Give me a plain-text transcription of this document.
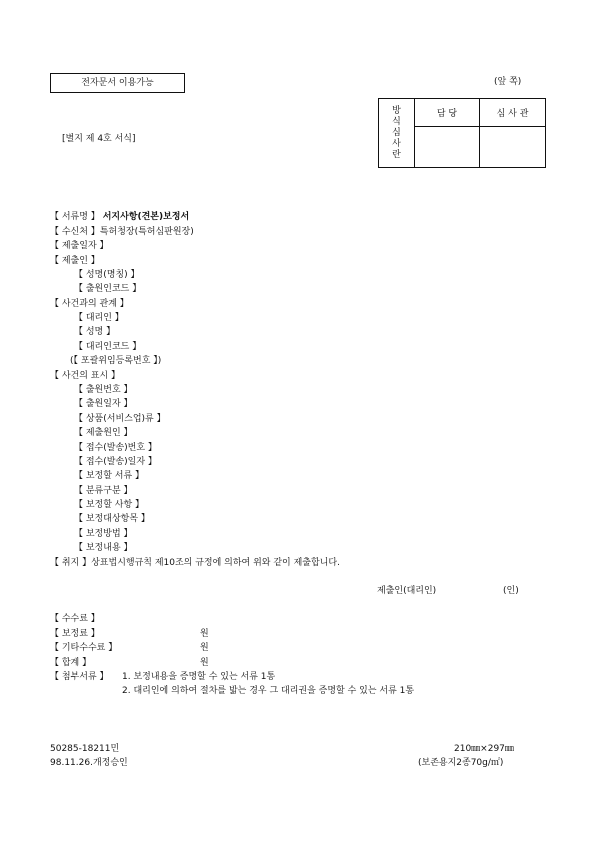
전자문서 이용가능	(앞 쪽)
[별지 제 4호 서식]
방
식
심
사
란	담 당	심 사 관

【 서류명 】 서지사항(견본)보정서
【 수신처 】특허청장(특허심판원장)
【 제출일자 】
【 제출인 】
【 성명(명칭) 】
【 출원인코드 】
【 사건과의 관계 】
【 대리인 】
【 성명 】
【 대리인코드 】
(【 포괄위임등록번호 】)
【 사건의 표시 】
【 출원번호 】
【 출원일자 】
【 상품(서비스업)류 】
【 제출원인 】
【 접수(발송)번호 】
【 접수(발송)일자 】
【 보정할 서류 】
【 분류구분 】
【 보정할 사항 】
【 보정대상항목 】
【 보정방법 】
【 보정내용 】
【 취지 】상표법시행규칙 제10조의 규정에 의하여 위와 같이 제출합니다.
제출인(대리인)	(인)
【 수수료 】
【 보정료 】	원
【 기타수수료 】	원
【 합계 】	원
【 첨부서류 】 1. 보정내용을 증명할 수 있는 서류 1통
2. 대리인에 의하여 절차를 밟는 경우 그 대리권을 증명할 수 있는 서류 1통
50285-18211민
98.11.26.개정승인
210㎜×297㎜
(보존용지2종70g/㎡)
